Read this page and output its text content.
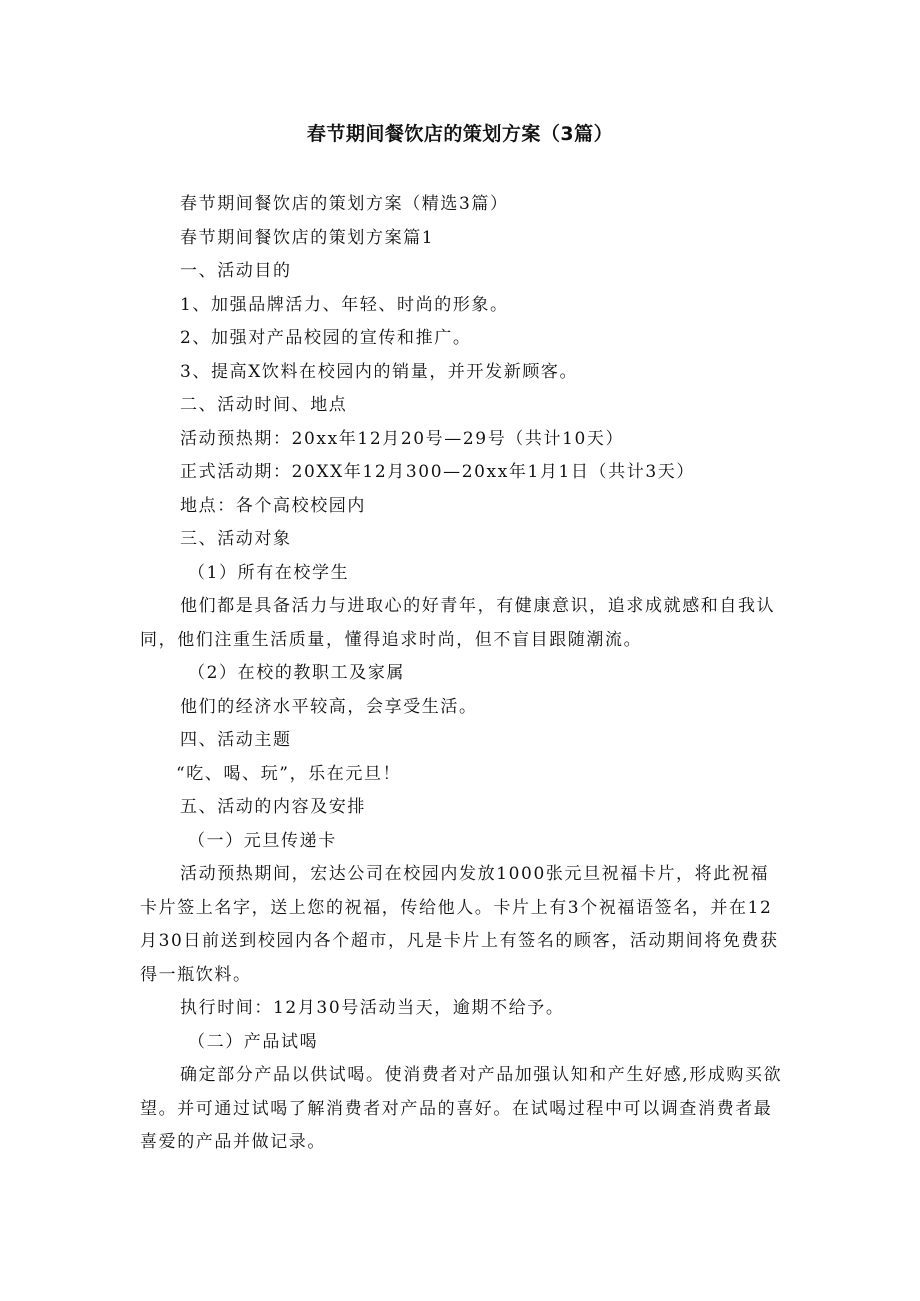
春节期间餐饮店的策划方案（3篇）

春节期间餐饮店的策划方案（精选3篇）

春节期间餐饮店的策划方案篇1

一、活动目的

1、加强品牌活力、年轻、时尚的形象。

2、加强对产品校园的宣传和推广。

3、提高X饮料在校园内的销量，并开发新顾客。

二、活动时间、地点

活动预热期：20xx年12月20号—29号（共计10天）

正式活动期：20XX年12月300—20xx年1月1日（共计3天）

地点：各个高校校园内

三、活动对象

（1）所有在校学生

他们都是具备活力与进取心的好青年，有健康意识，追求成就感和自我认同，他们注重生活质量，懂得追求时尚，但不盲目跟随潮流。

（2）在校的教职工及家属

他们的经济水平较高，会享受生活。

四、活动主题

“吃、喝、玩”，乐在元旦！

五、活动的内容及安排

（一）元旦传递卡

活动预热期间，宏达公司在校园内发放1000张元旦祝福卡片，将此祝福卡片签上名字，送上您的祝福，传给他人。卡片上有3个祝福语签名，并在12月30日前送到校园内各个超市，凡是卡片上有签名的顾客，活动期间将免费获得一瓶饮料。

执行时间：12月30号活动当天，逾期不给予。

（二）产品试喝

确定部分产品以供试喝。使消费者对产品加强认知和产生好感,形成购买欲望。并可通过试喝了解消费者对产品的喜好。在试喝过程中可以调查消费者最喜爱的产品并做记录。
